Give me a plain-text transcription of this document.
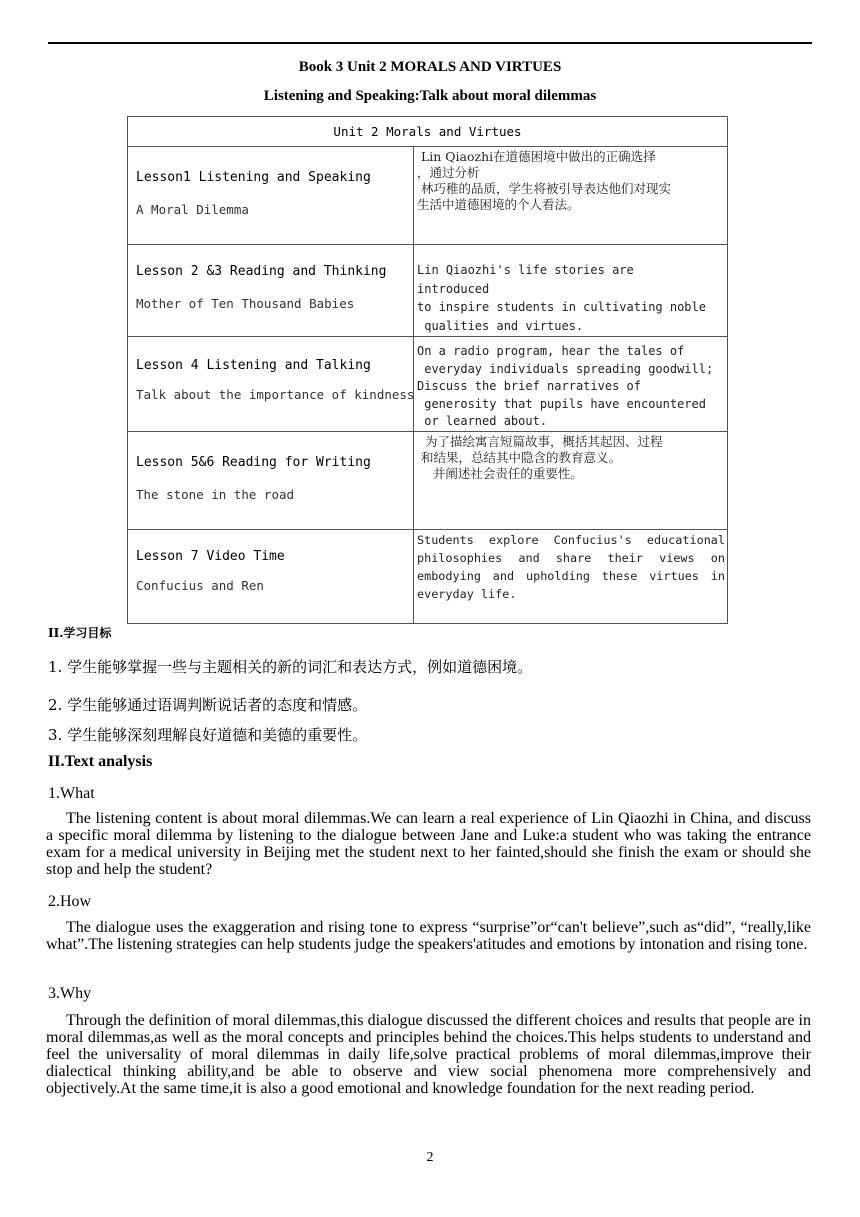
Book 3 Unit 2 MORALS AND VIRTUES
Listening and Speaking:Talk about moral dilemmas
Unit 2 Morals and Virtues
Lesson1 Listening and Speaking
A Moral Dilemma
Lin Qiaozhi在道德困境中做出的正确选择
，通过分析
林巧稚的品质，学生将被引导表达他们对现实
生活中道德困境的个人看法。
Lesson 2 &3 Reading and Thinking
Mother of Ten Thousand Babies
Lin Qiaozhi's life stories are
introduced
to inspire students in cultivating noble
qualities and virtues.
Lesson 4 Listening and Talking
Talk about the importance of kindness
On a radio program, hear the tales of
everyday individuals spreading goodwill;
Discuss the brief narratives of
generosity that pupils have encountered
or learned about.
Lesson 5&6 Reading for Writing
The stone in the road
为了描绘寓言短篇故事，概括其起因、过程
和结果，总结其中隐含的教育意义。
并阐述社会责任的重要性。
Lesson 7 Video Time
Confucius and Ren
Students explore Confucius's educational
philosophies and share their views on
embodying and upholding these virtues in
everyday life.
II.学习目标
1. 学生能够掌握一些与主题相关的新的词汇和表达方式，例如道德困境。
2. 学生能够通过语调判断说话者的态度和情感。
3. 学生能够深刻理解良好道德和美德的重要性。
II.Text analysis
1.What
The listening content is about moral dilemmas.We can learn a real experience of Lin Qiaozhi in China, and discuss a specific moral dilemma by listening to the dialogue between Jane and Luke:a student who was taking the entrance exam for a medical university in Beijing met the student next to her fainted,should she finish the exam or should she stop and help the student?
2.How
The dialogue uses the exaggeration and rising tone to express “surprise”or“can't believe”,such as“did”, “really,like what”.The listening strategies can help students judge the speakers'atitudes and emotions by intonation and rising tone.
3.Why
Through the definition of moral dilemmas,this dialogue discussed the different choices and results that people are in moral dilemmas,as well as the moral concepts and principles behind the choices.This helps students to understand and feel the universality of moral dilemmas in daily life,solve practical problems of moral dilemmas,improve their dialectical thinking ability,and be able to observe and view social phenomena more comprehensively and objectively.At the same time,it is also a good emotional and knowledge foundation for the next reading period.
2
